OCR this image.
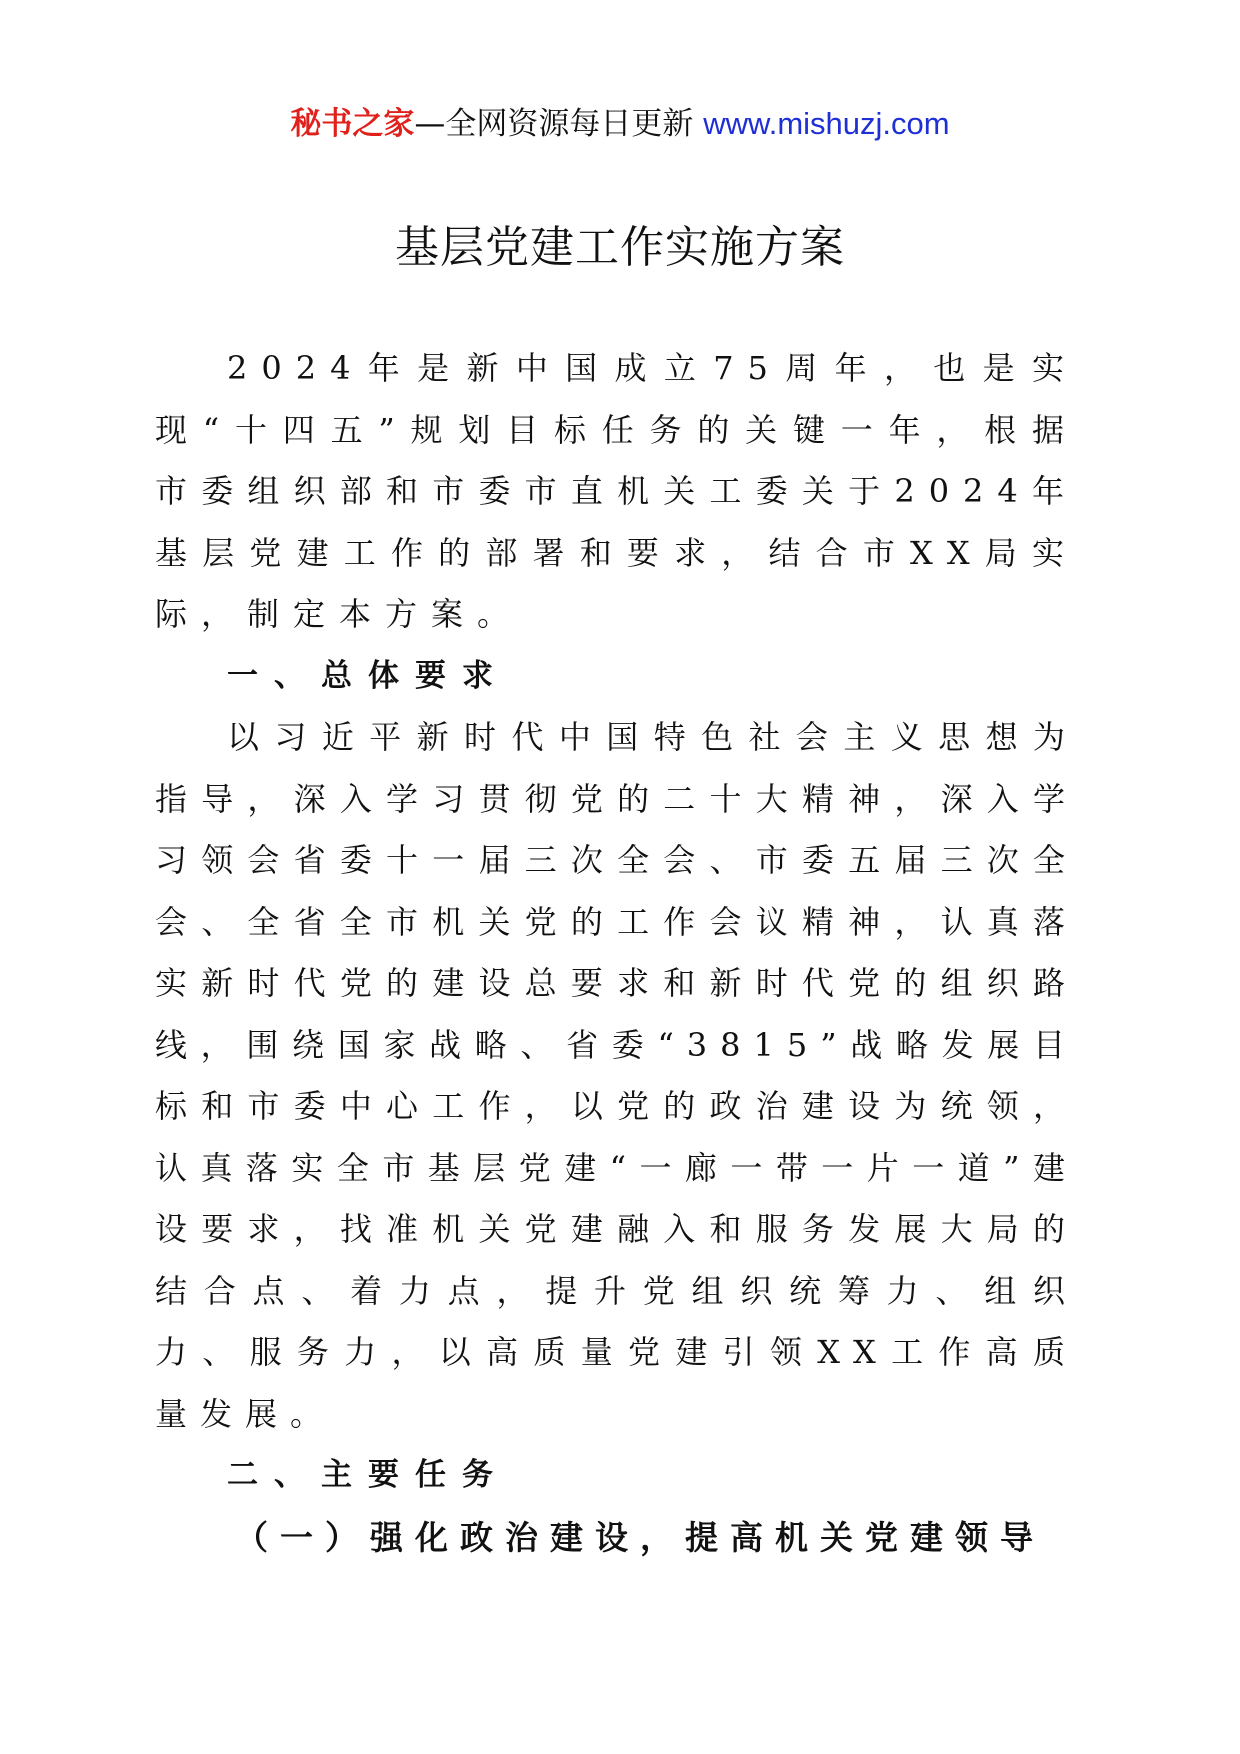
秘书之家—全网资源每日更新 www.mishuzj.com
基层党建工作实施方案

2024年是新中国成立75周年，也是实现“十四五”规划目标任务的关键一年，根据市委组织部和市委市直机关工委关于2024年基层党建工作的部署和要求，结合市XX局实际，制定本方案。

一、总体要求

以习近平新时代中国特色社会主义思想为指导，深入学习贯彻党的二十大精神，深入学习领会省委十一届三次全会、市委五届三次全会、全省全市机关党的工作会议精神，认真落实新时代党的建设总要求和新时代党的组织路线，围绕国家战略、省委“3815”战略发展目标和市委中心工作，以党的政治建设为统领，认真落实全市基层党建“一廊一带一片一道”建设要求，找准机关党建融入和服务发展大局的结合点、着力点，提升党组织统筹力、组织力、服务力，以高质量党建引领XX工作高质量发展。

二、主要任务

（一）强化政治建设，提高机关党建领导
